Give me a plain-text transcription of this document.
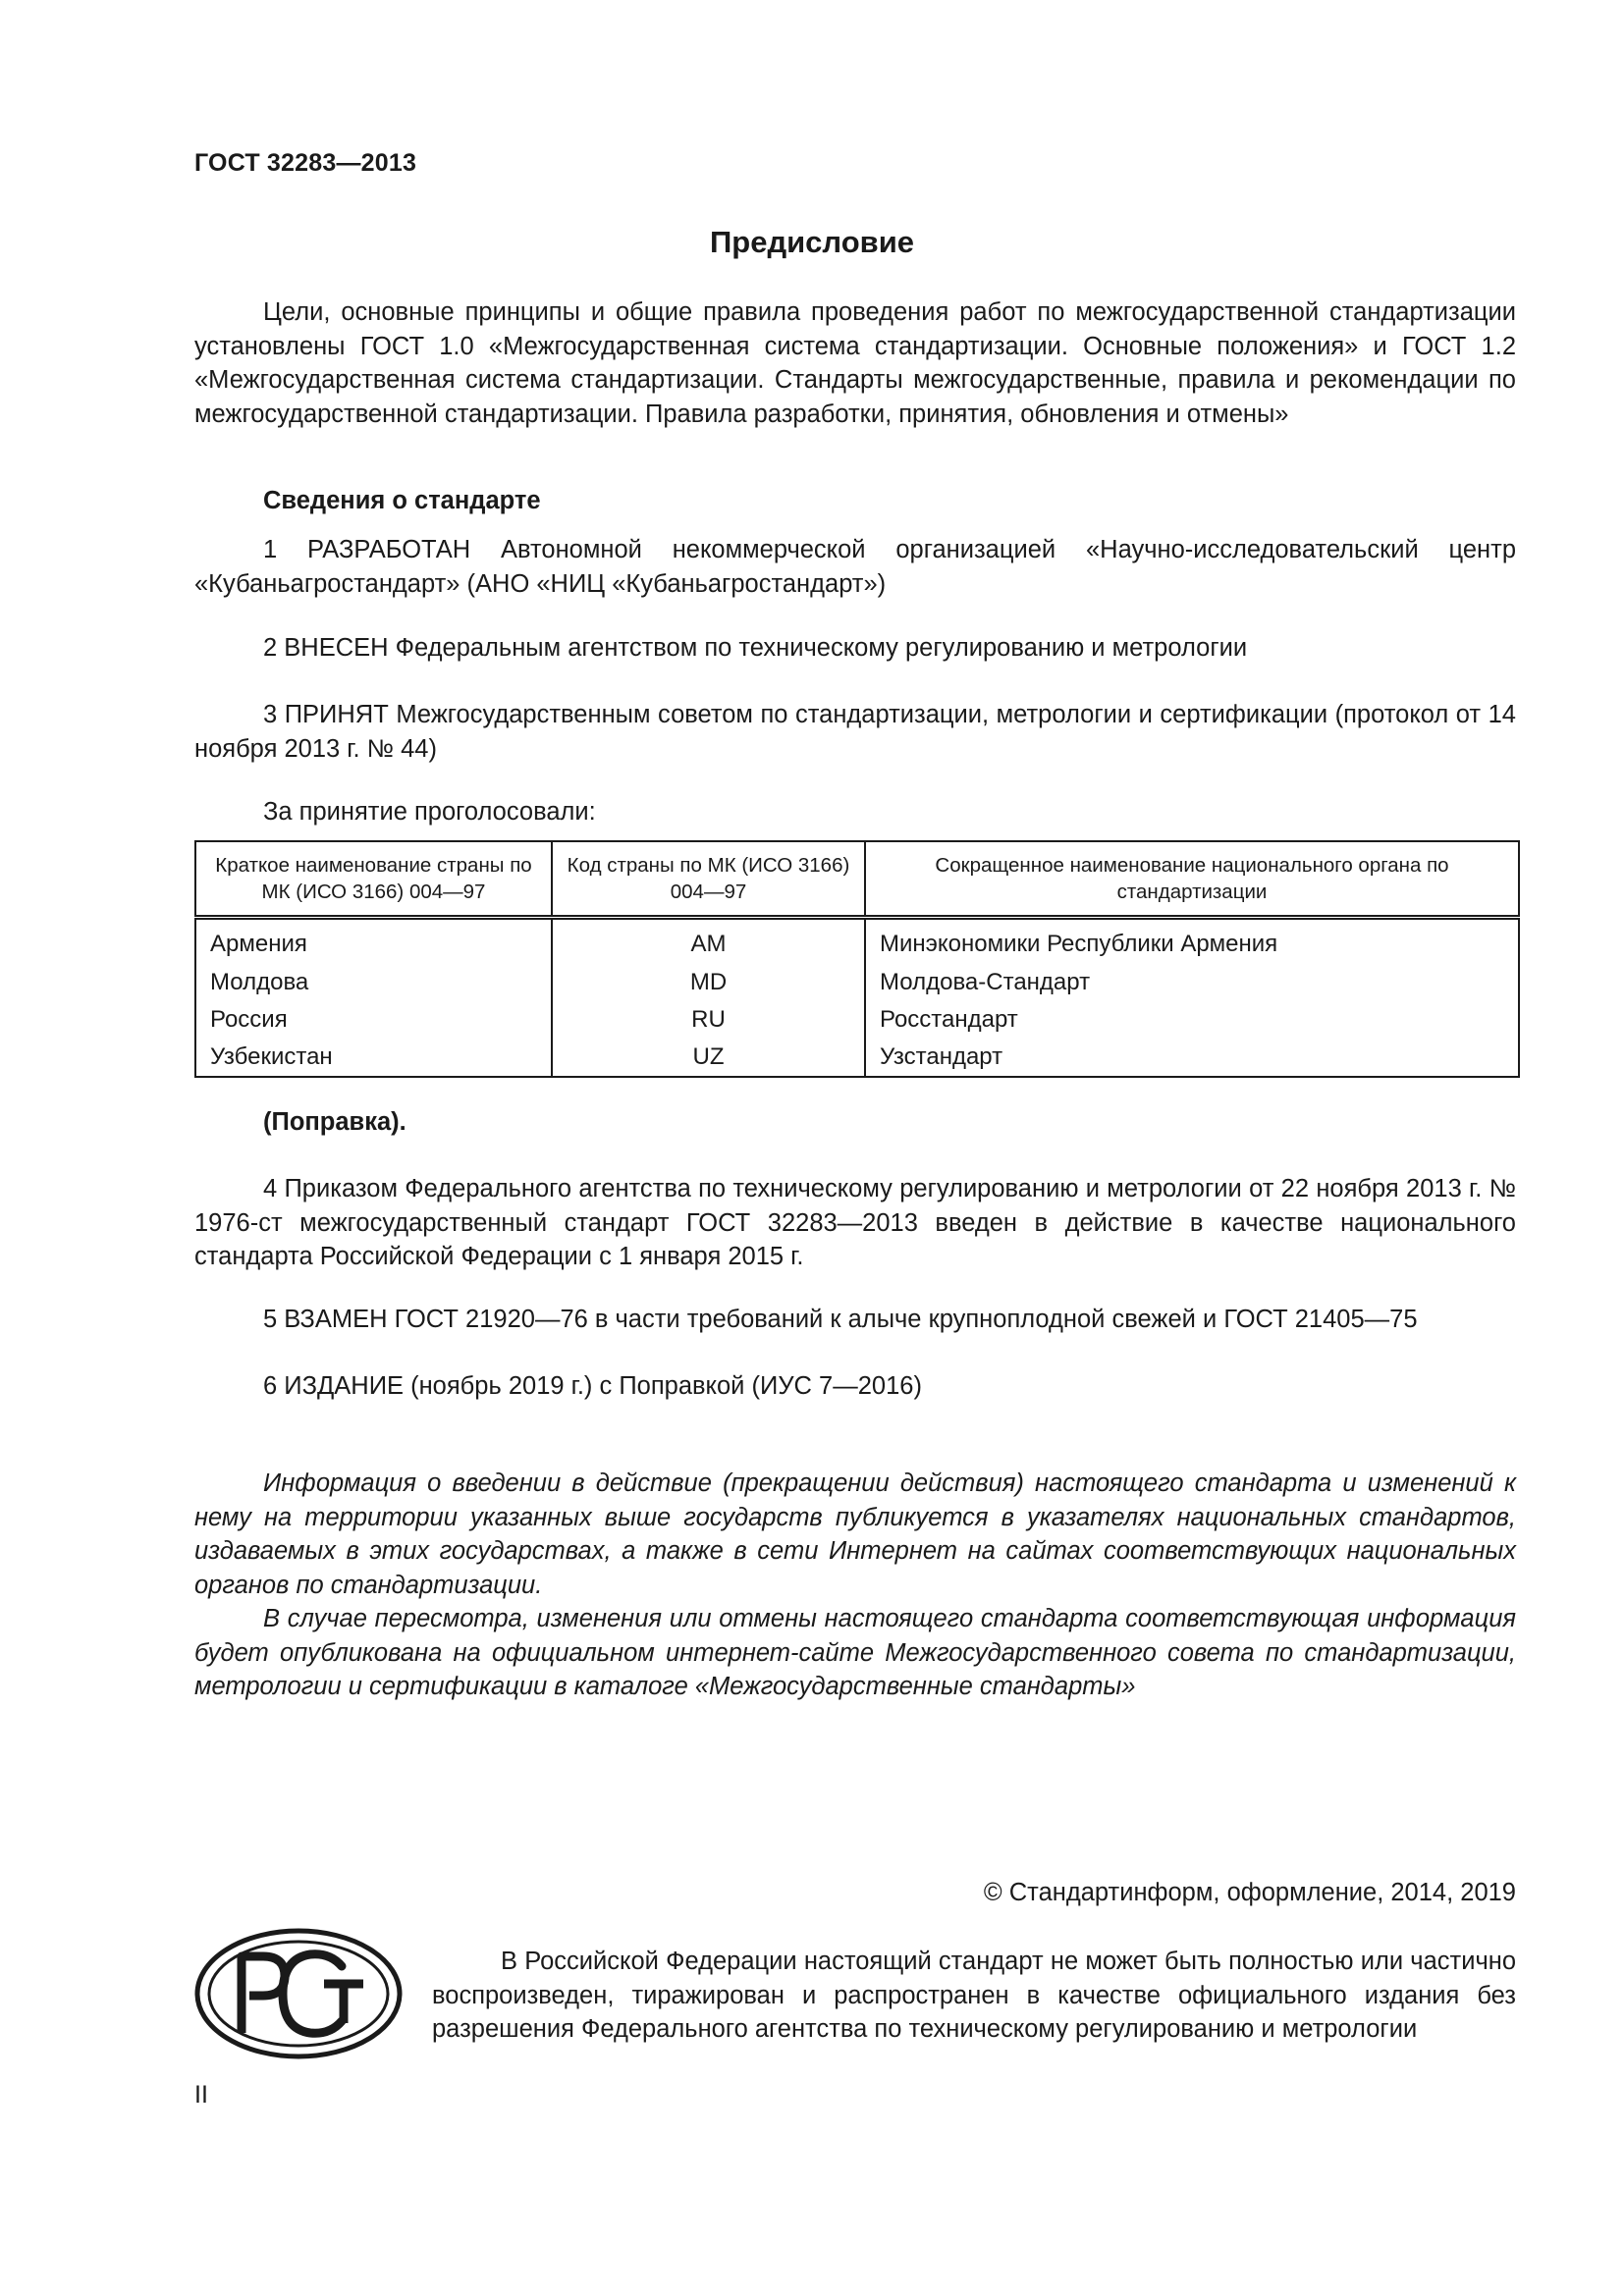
ГОСТ 32283—2013
Предисловие
Цели, основные принципы и общие правила проведения работ по межгосударственной стандартизации установлены ГОСТ 1.0 «Межгосударственная система стандартизации. Основные положения» и ГОСТ 1.2 «Межгосударственная система стандартизации. Стандарты межгосударственные, правила и рекомендации по межгосударственной стандартизации. Правила разработки, принятия, обновления и отмены»
Сведения о стандарте
1 РАЗРАБОТАН Автономной некоммерческой организацией «Научно-исследовательский центр «Кубаньагростандарт» (АНО «НИЦ «Кубаньагростандарт»)
2 ВНЕСЕН Федеральным агентством по техническому регулированию и метрологии
3 ПРИНЯТ Межгосударственным советом по стандартизации, метрологии и сертификации (протокол от 14 ноября 2013 г. № 44)
За принятие проголосовали:
Краткое наименование страны по МК (ИСО 3166) 004—97	Код страны по МК (ИСО 3166) 004—97	Сокращенное наименование национального органа по стандартизации
Армения	AM	Минэкономики Республики Армения
Молдова	MD	Молдова-Стандарт
Россия	RU	Росстандарт
Узбекистан	UZ	Узстандарт
(Поправка).
4 Приказом Федерального агентства по техническому регулированию и метрологии от 22 ноября 2013 г. № 1976-ст межгосударственный стандарт ГОСТ 32283—2013 введен в действие в качестве национального стандарта Российской Федерации с 1 января 2015 г.
5 ВЗАМЕН ГОСТ 21920—76 в части требований к алыче крупноплодной свежей и ГОСТ 21405—75
6 ИЗДАНИЕ (ноябрь 2019 г.) с Поправкой (ИУС 7—2016)
Информация о введении в действие (прекращении действия) настоящего стандарта и изменений к нему на территории указанных выше государств публикуется в указателях национальных стандартов, издаваемых в этих государствах, а также в сети Интернет на сайтах соответствующих национальных органов по стандартизации.
В случае пересмотра, изменения или отмены настоящего стандарта соответствующая информация будет опубликована на официальном интернет-сайте Межгосударственного совета по стандартизации, метрологии и сертификации в каталоге «Межгосударственные стандарты»
© Стандартинформ, оформление, 2014, 2019
В Российской Федерации настоящий стандарт не может быть полностью или частично воспроизведен, тиражирован и распространен в качестве официального издания без разрешения Федерального агентства по техническому регулированию и метрологии
II
